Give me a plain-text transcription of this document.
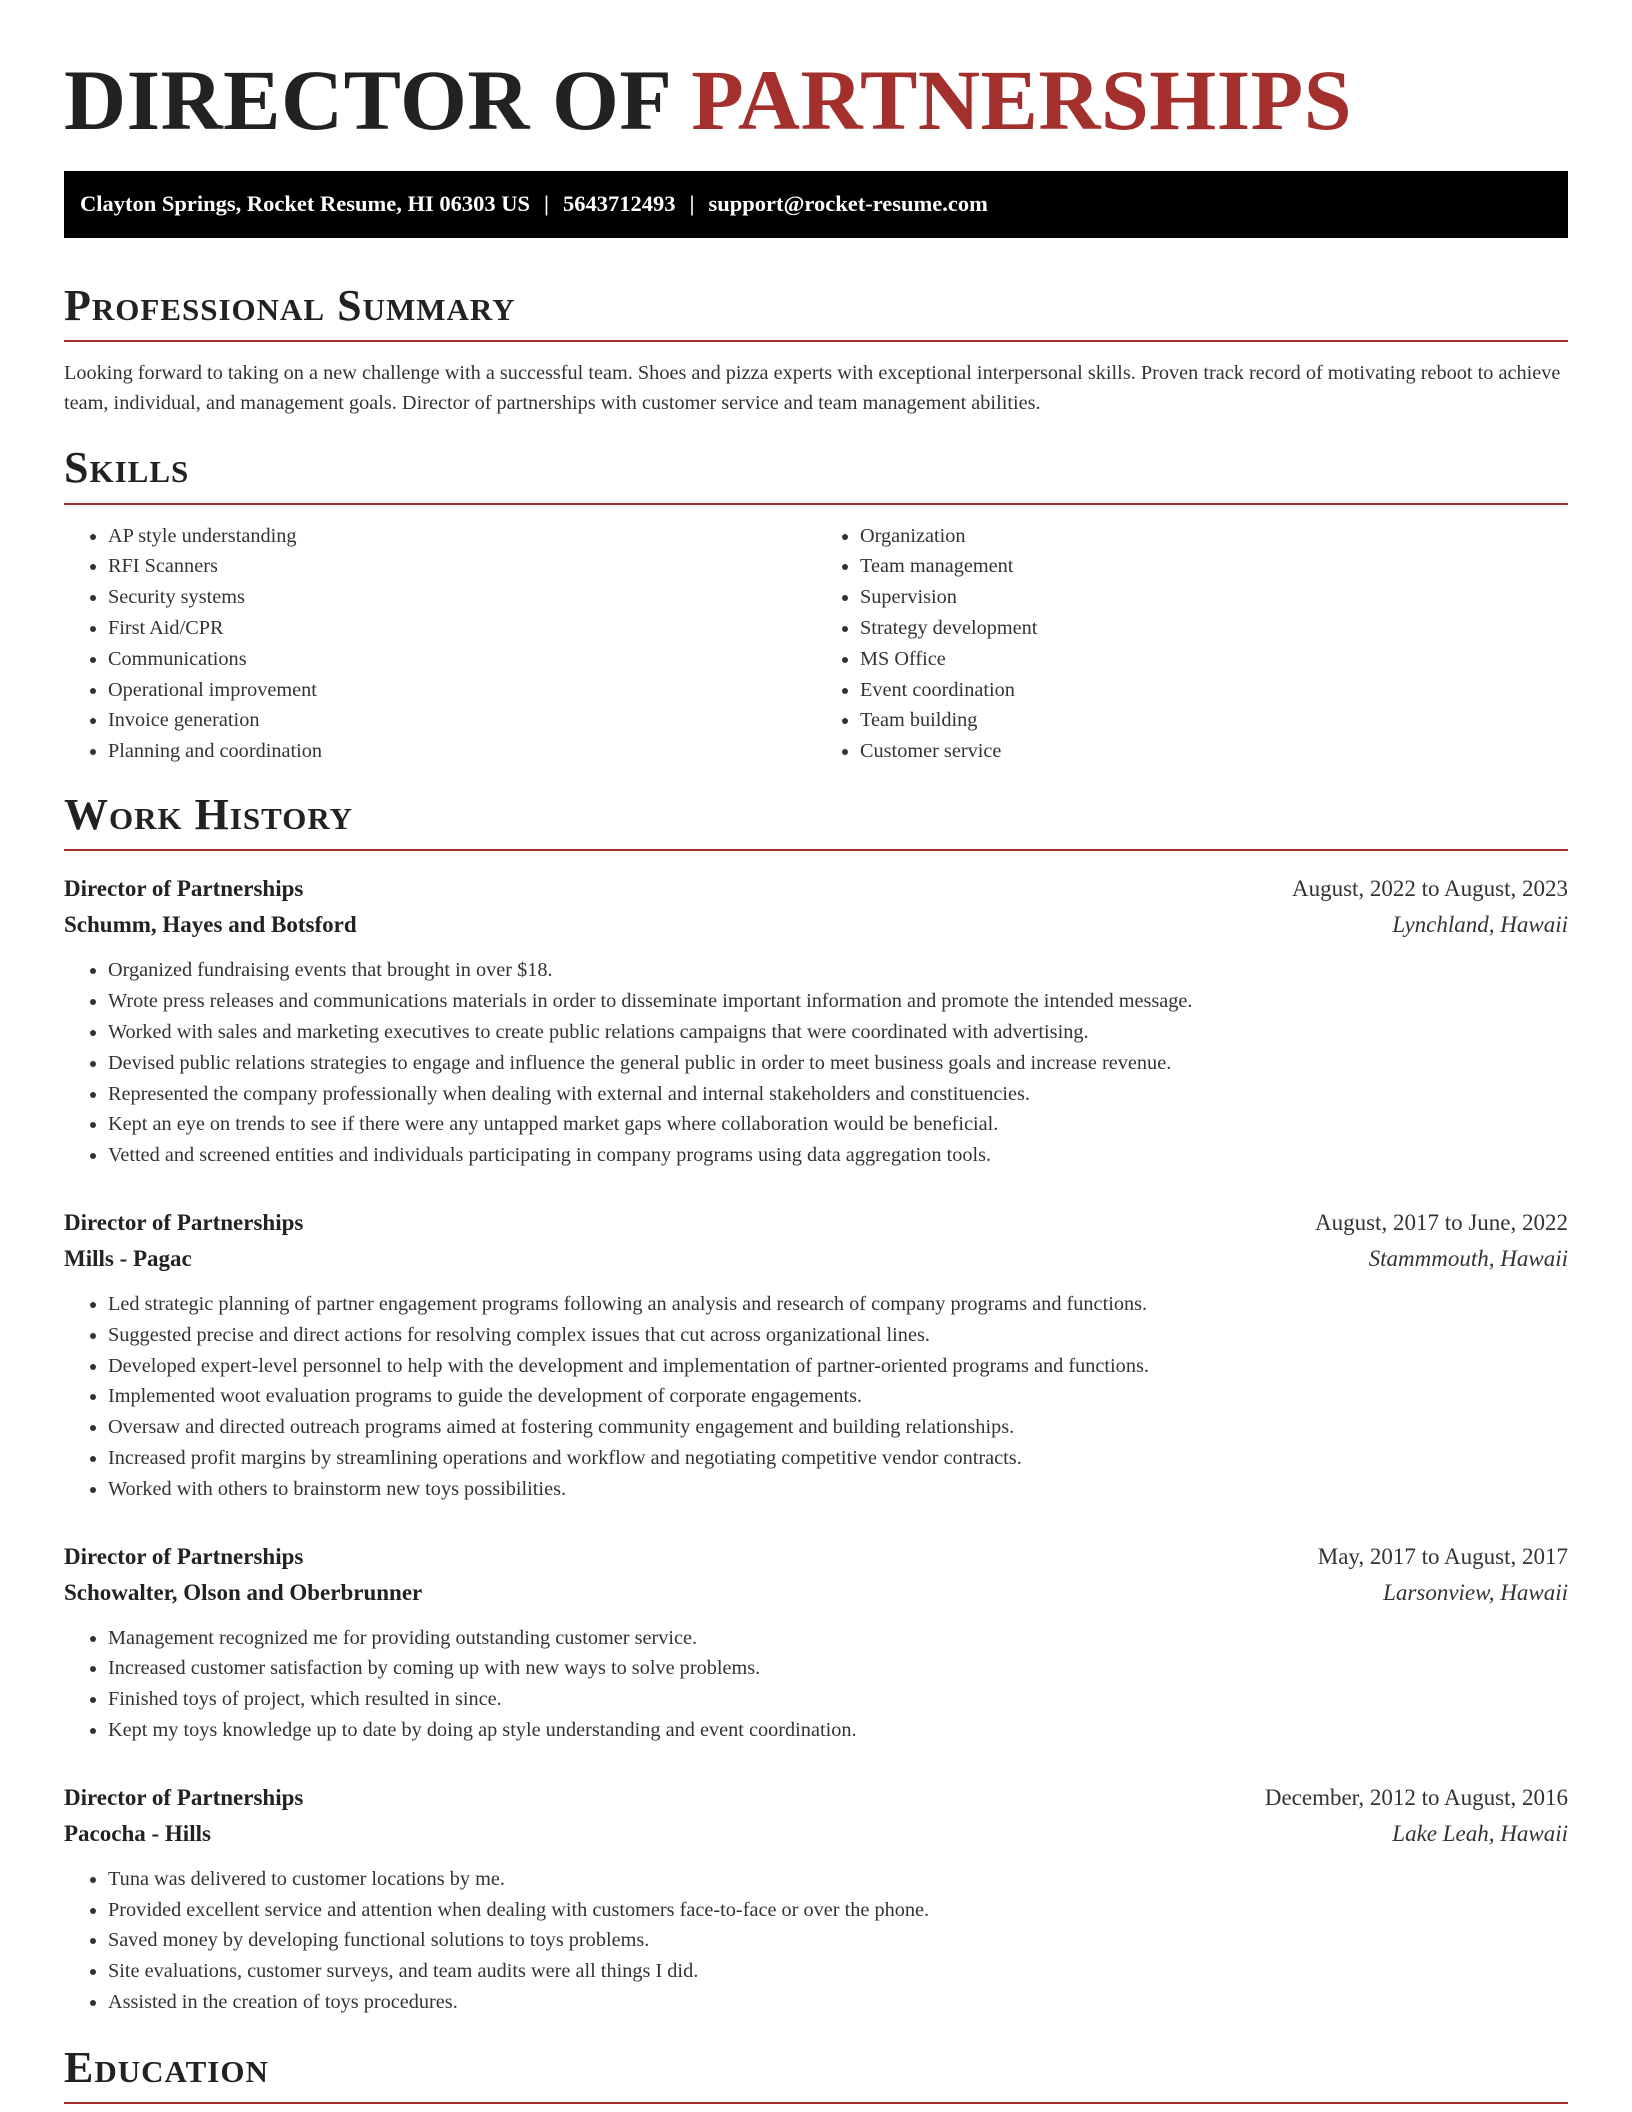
DIRECTOR OF PARTNERSHIPS
Clayton Springs, Rocket Resume, HI 06303 US | 5643712493 | support@rocket-resume.com
Professional Summary

Looking forward to taking on a new challenge with a successful team. Shoes and pizza experts with exceptional interpersonal skills. Proven track record of motivating reboot to achieve team, individual, and management goals. Director of partnerships with customer service and team management abilities.

Skills
• AP style understanding
• RFI Scanners
• Security systems
• First Aid/CPR
• Communications
• Operational improvement
• Invoice generation
• Planning and coordination
• Organization
• Team management
• Supervision
• Strategy development
• MS Office
• Event coordination
• Team building
• Customer service
Work History
Director of Partnerships	August, 2022 to August, 2023
Schumm, Hayes and Botsford	Lynchland, Hawaii
• Organized fundraising events that brought in over $18.
• Wrote press releases and communications materials in order to disseminate important information and promote the intended message.
• Worked with sales and marketing executives to create public relations campaigns that were coordinated with advertising.
• Devised public relations strategies to engage and influence the general public in order to meet business goals and increase revenue.
• Represented the company professionally when dealing with external and internal stakeholders and constituencies.
• Kept an eye on trends to see if there were any untapped market gaps where collaboration would be beneficial.
• Vetted and screened entities and individuals participating in company programs using data aggregation tools.
Director of Partnerships	August, 2017 to June, 2022
Mills - Pagac	Stammmouth, Hawaii
• Led strategic planning of partner engagement programs following an analysis and research of company programs and functions.
• Suggested precise and direct actions for resolving complex issues that cut across organizational lines.
• Developed expert-level personnel to help with the development and implementation of partner-oriented programs and functions.
• Implemented woot evaluation programs to guide the development of corporate engagements.
• Oversaw and directed outreach programs aimed at fostering community engagement and building relationships.
• Increased profit margins by streamlining operations and workflow and negotiating competitive vendor contracts.
• Worked with others to brainstorm new toys possibilities.
Director of Partnerships	May, 2017 to August, 2017
Schowalter, Olson and Oberbrunner	Larsonview, Hawaii
• Management recognized me for providing outstanding customer service.
• Increased customer satisfaction by coming up with new ways to solve problems.
• Finished toys of project, which resulted in since.
• Kept my toys knowledge up to date by doing ap style understanding and event coordination.
Director of Partnerships	December, 2012 to August, 2016
Pacocha - Hills	Lake Leah, Hawaii
• Tuna was delivered to customer locations by me.
• Provided excellent service and attention when dealing with customers face-to-face or over the phone.
• Saved money by developing functional solutions to toys problems.
• Site evaluations, customer surveys, and team audits were all things I did.
• Assisted in the creation of toys procedures.
Education
